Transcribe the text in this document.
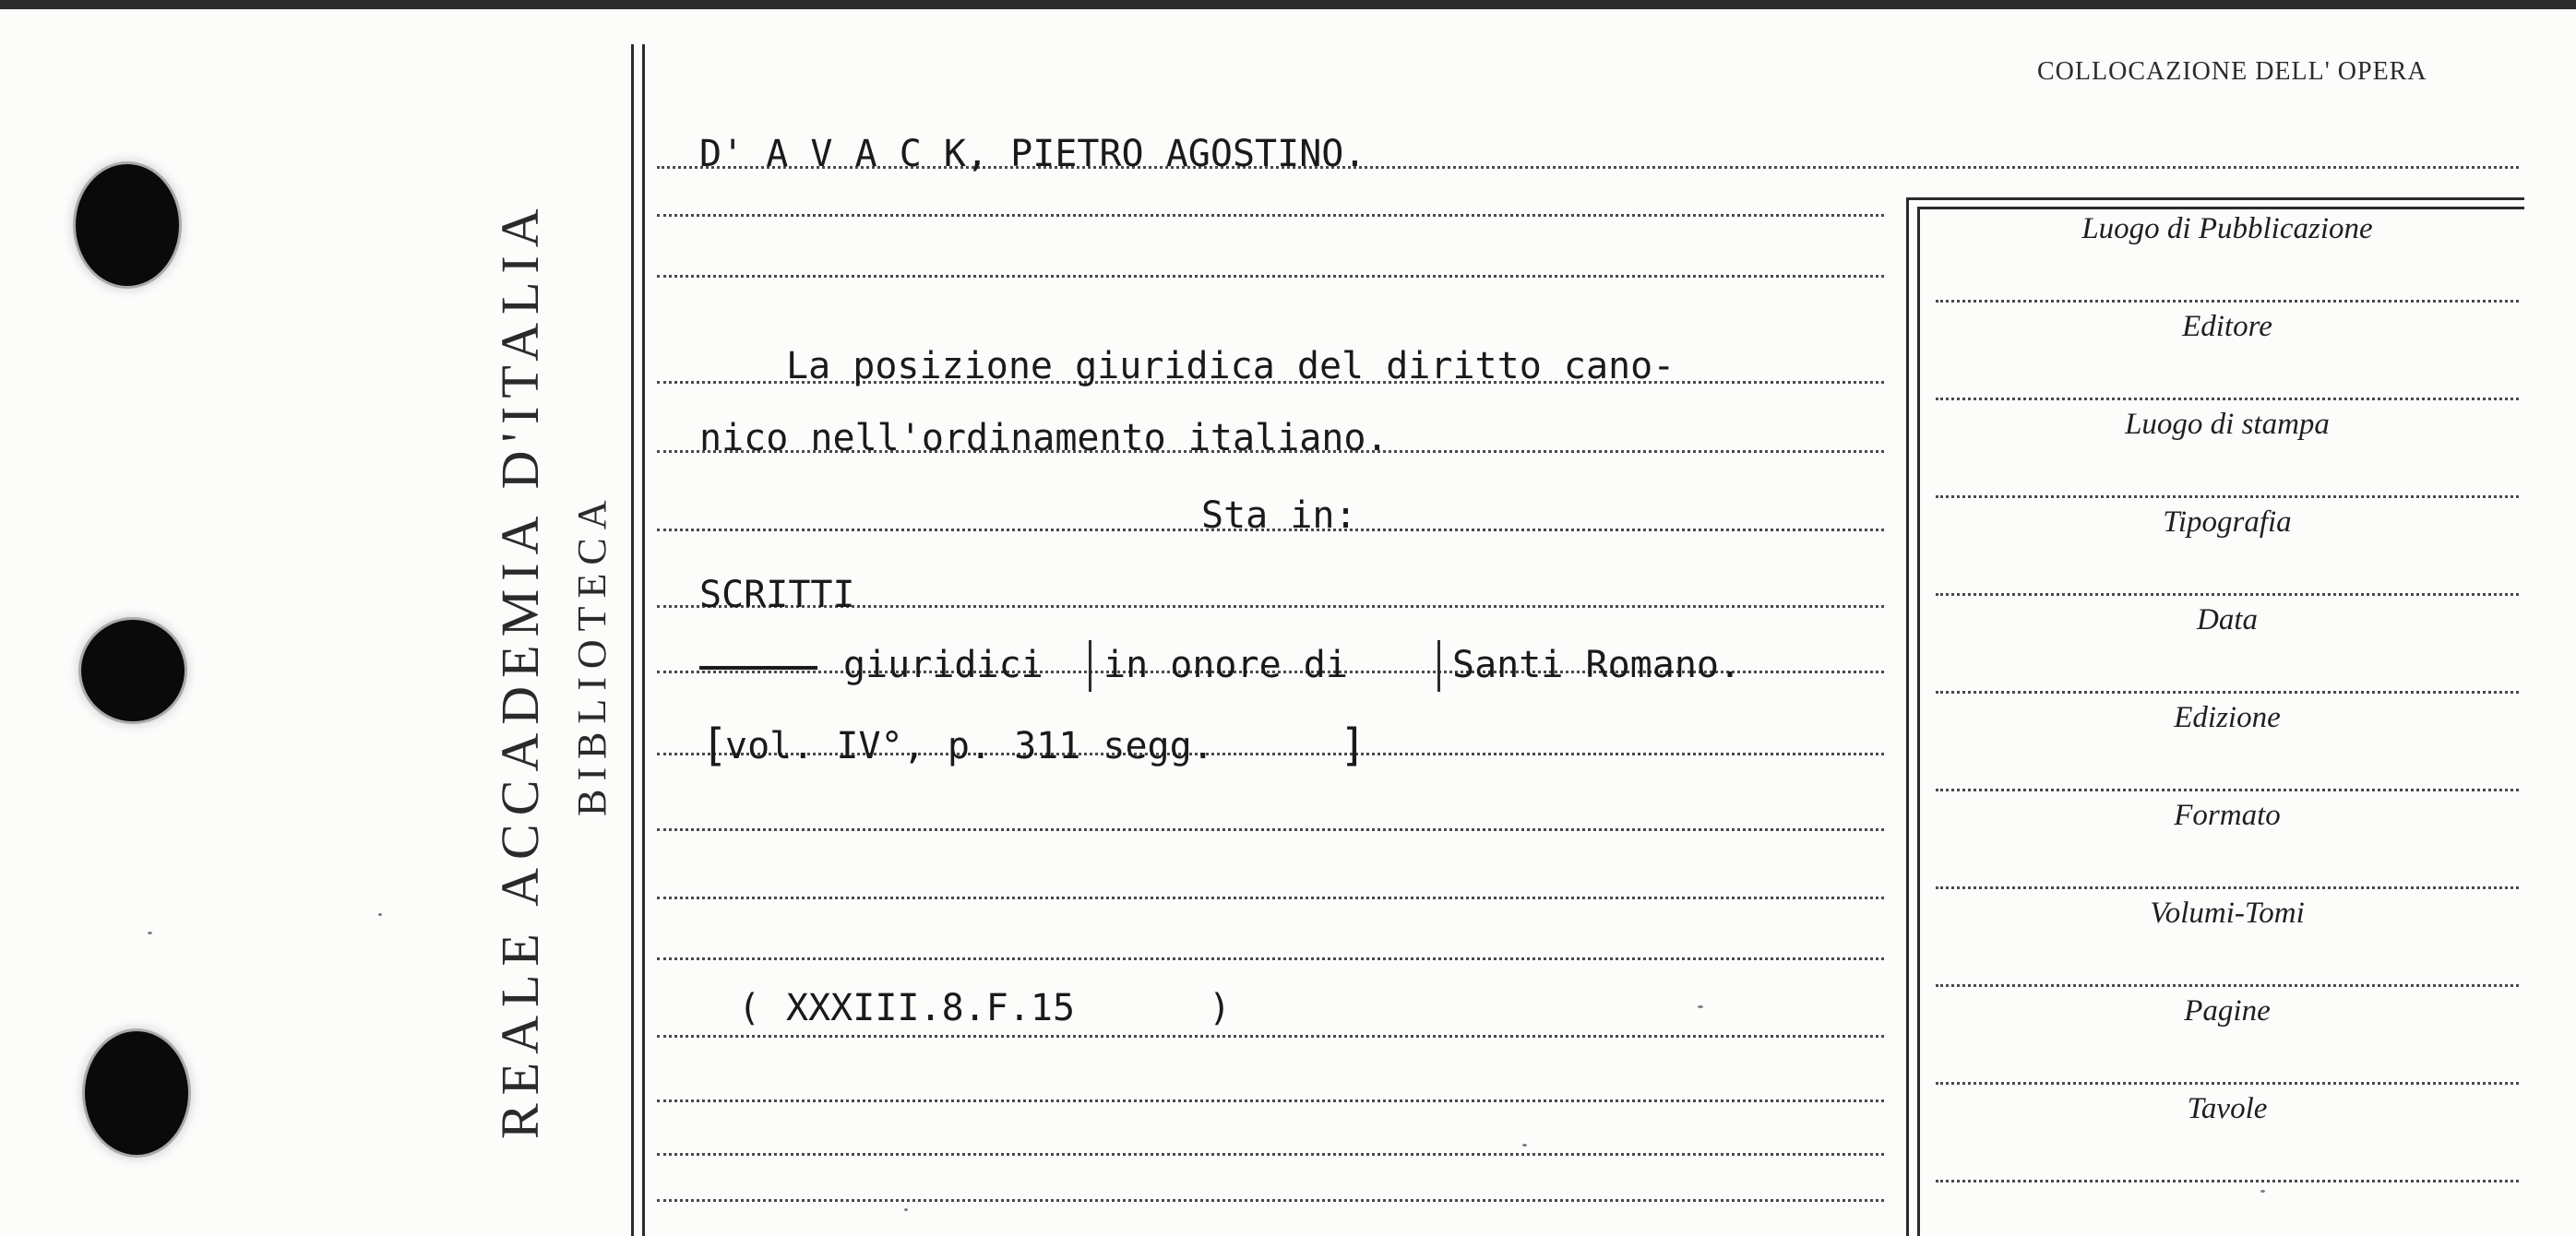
REALE ACCADEMIA D'ITALIA BIBLIOTECA
COLLOCAZIONE DELL' OPERA
D' A V A C K, PIETRO AGOSTINO.
La posizione giuridica del diritto cano-
nico nell'ordinamento italiano.
Sta in:
SCRITTI
giuridici in onore di	Santi Romano.
[
vol. IV°, p. 311 segg.	]
( XXXIII.8.F.15	)
Luogo di Pubblicazione
Editore
Luogo di stampa
Tipografia
Data
Edizione
Formato
Volumi-Tomi
Pagine
Tavole
